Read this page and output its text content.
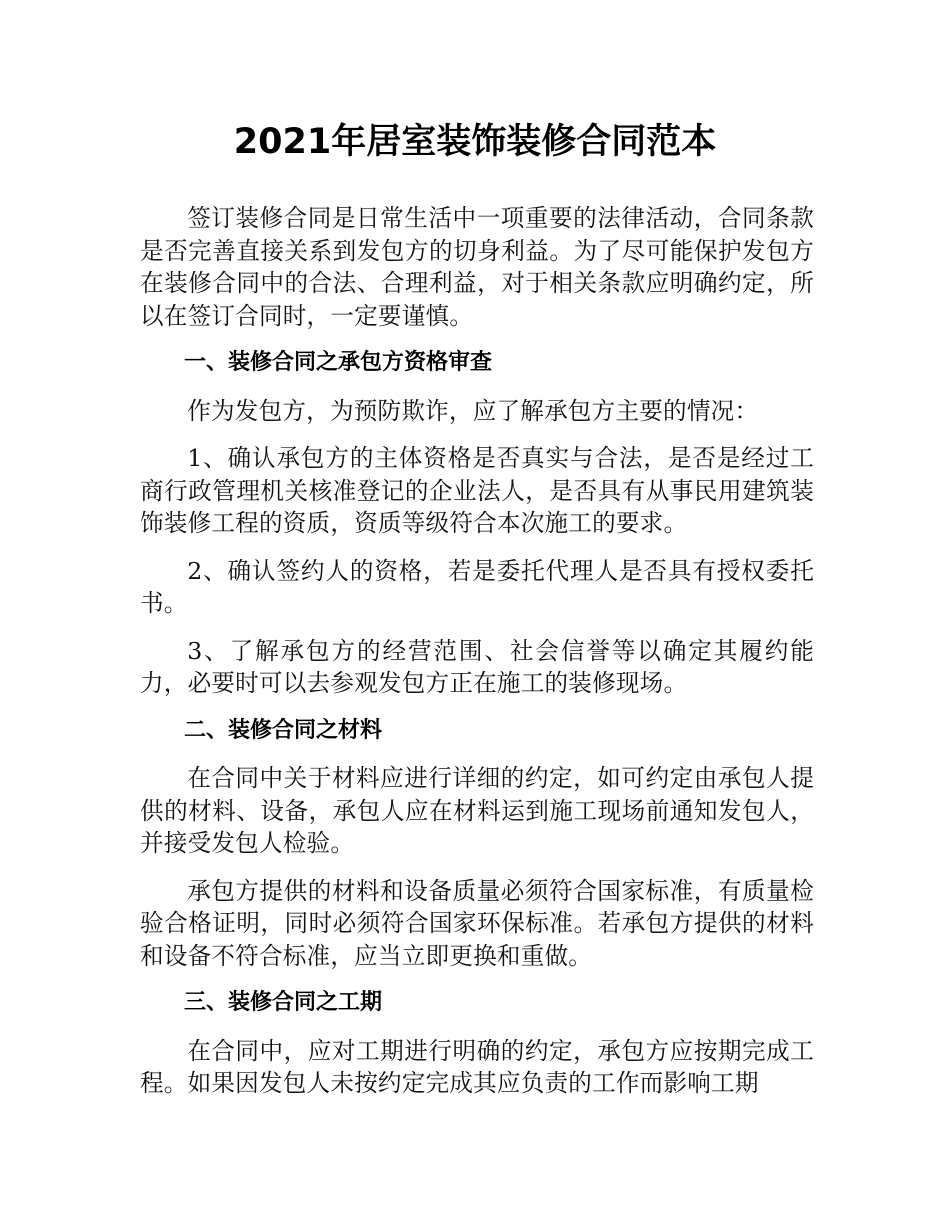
2021年居室装饰装修合同范本

签订装修合同是日常生活中一项重要的法律活动，合同条款是否完善直接关系到发包方的切身利益。为了尽可能保护发包方在装修合同中的合法、合理利益，对于相关条款应明确约定，所以在签订合同时，一定要谨慎。

一、装修合同之承包方资格审查

作为发包方，为预防欺诈，应了解承包方主要的情况：

1、确认承包方的主体资格是否真实与合法，是否是经过工商行政管理机关核准登记的企业法人，是否具有从事民用建筑装饰装修工程的资质，资质等级符合本次施工的要求。

2、确认签约人的资格，若是委托代理人是否具有授权委托书。

3、了解承包方的经营范围、社会信誉等以确定其履约能力，必要时可以去参观发包方正在施工的装修现场。

二、装修合同之材料

在合同中关于材料应进行详细的约定，如可约定由承包人提供的材料、设备，承包人应在材料运到施工现场前通知发包人，并接受发包人检验。

承包方提供的材料和设备质量必须符合国家标准，有质量检验合格证明，同时必须符合国家环保标准。若承包方提供的材料和设备不符合标准，应当立即更换和重做。

三、装修合同之工期

在合同中，应对工期进行明确的约定，承包方应按期完成工程。如果因发包人未按约定完成其应负责的工作而影响工期
